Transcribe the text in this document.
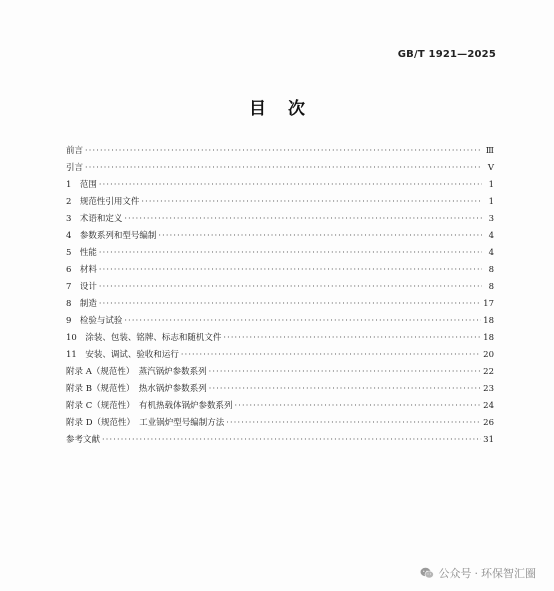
GB/T 1921—2025
目次
前言 ·····	Ⅲ
引言 ·····	Ⅴ
1　范围 ·····	1
2　规范性引用文件 ·····	1
3　术语和定义 ·····	3
4　参数系列和型号编制 ·····	4
5　性能 ·····	4
6　材料 ·····	8
7　设计 ·····	8
8　制造 ·····	17
9　检验与试验 ·····	18
10　涂装、包装、铭牌、标志和随机文件 ·····	18
11　安装、调试、验收和运行 ·····	20
附录 A（规范性）　蒸汽锅炉参数系列 ·····	22
附录 B（规范性）　热水锅炉参数系列 ·····	23
附录 C（规范性）　有机热载体锅炉参数系列 ·····	24
附录 D（规范性）　工业锅炉型号编制方法 ·····	26
参考文献 ·····	31
公众号 · 环保智汇圈
